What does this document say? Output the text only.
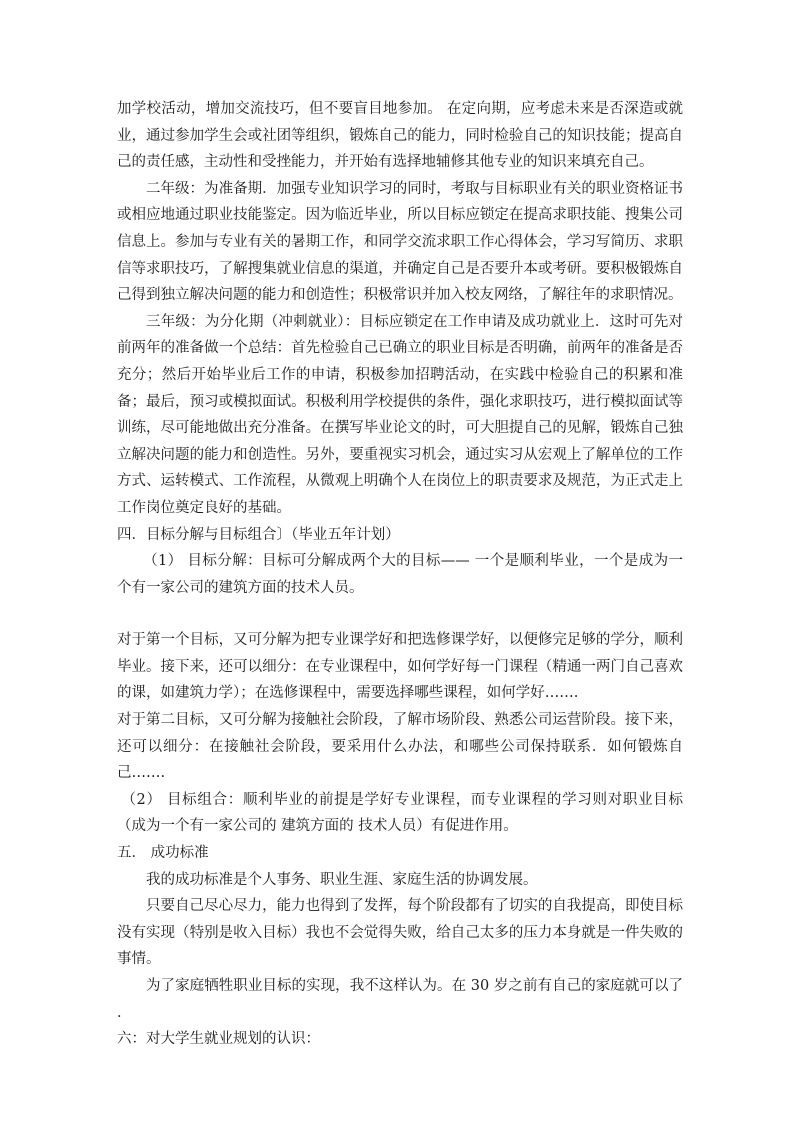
加学校活动，增加交流技巧，但不要盲目地参加。 在定向期，应考虑未来是否深造或就业，通过参加学生会或社团等组织，锻炼自己的能力，同时检验自己的知识技能；提高自己的责任感，主动性和受挫能力，并开始有选择地辅修其他专业的知识来填充自己。

二年级：为准备期．加强专业知识学习的同时，考取与目标职业有关的职业资格证书或相应地通过职业技能鉴定。因为临近毕业，所以目标应锁定在提高求职技能、搜集公司信息上。参加与专业有关的暑期工作，和同学交流求职工作心得体会，学习写简历、求职信等求职技巧，了解搜集就业信息的渠道，并确定自己是否要升本或考研。要积极锻炼自己得到独立解决问题的能力和创造性；积极常识并加入校友网络，了解往年的求职情况。

三年级：为分化期（冲刺就业）：目标应锁定在工作申请及成功就业上．这时可先对前两年的准备做一个总结：首先检验自己已确立的职业目标是否明确，前两年的准备是否充分；然后开始毕业后工作的申请，积极参加招聘活动，在实践中检验自己的积累和准备；最后，预习或模拟面试。积极利用学校提供的条件，强化求职技巧，进行模拟面试等训练，尽可能地做出充分准备。在撰写毕业论文的时，可大胆提自己的见解，锻炼自己独立解决问题的能力和创造性。另外，要重视实习机会，通过实习从宏观上了解单位的工作方式、运转模式、工作流程，从微观上明确个人在岗位上的职责要求及规范，为正式走上工作岗位奠定良好的基础。

四．目标分解与目标组合〕（毕业五年计划）

（1） 目标分解：目标可分解成两个大的目标—— 一个是顺利毕业，一个是成为一个有一家公司的建筑方面的技术人员。

对于第一个目标，又可分解为把专业课学好和把选修课学好，以便修完足够的学分，顺利毕业。接下来，还可以细分：在专业课程中，如何学好每一门课程（精通一两门自己喜欢的课，如建筑力学）；在选修课程中，需要选择哪些课程，如何学好…….

对于第二目标，又可分解为接触社会阶段，了解市场阶段、熟悉公司运营阶段。接下来，还可以细分：在接触社会阶段，要采用什么办法，和哪些公司保持联系．如何锻炼自己…….

（2） 目标组合：顺利毕业的前提是学好专业课程，而专业课程的学习则对职业目标（成为一个有一家公司的 建筑方面的 技术人员）有促进作用。

五． 成功标准

我的成功标准是个人事务、职业生涯、家庭生活的协调发展。

只要自己尽心尽力，能力也得到了发挥，每个阶段都有了切实的自我提高，即使目标没有实现（特别是收入目标）我也不会觉得失败，给自己太多的压力本身就是一件失败的事情。

为了家庭牺牲职业目标的实现，我不这样认为。在 30 岁之前有自己的家庭就可以了 ．

六：对大学生就业规划的认识：
